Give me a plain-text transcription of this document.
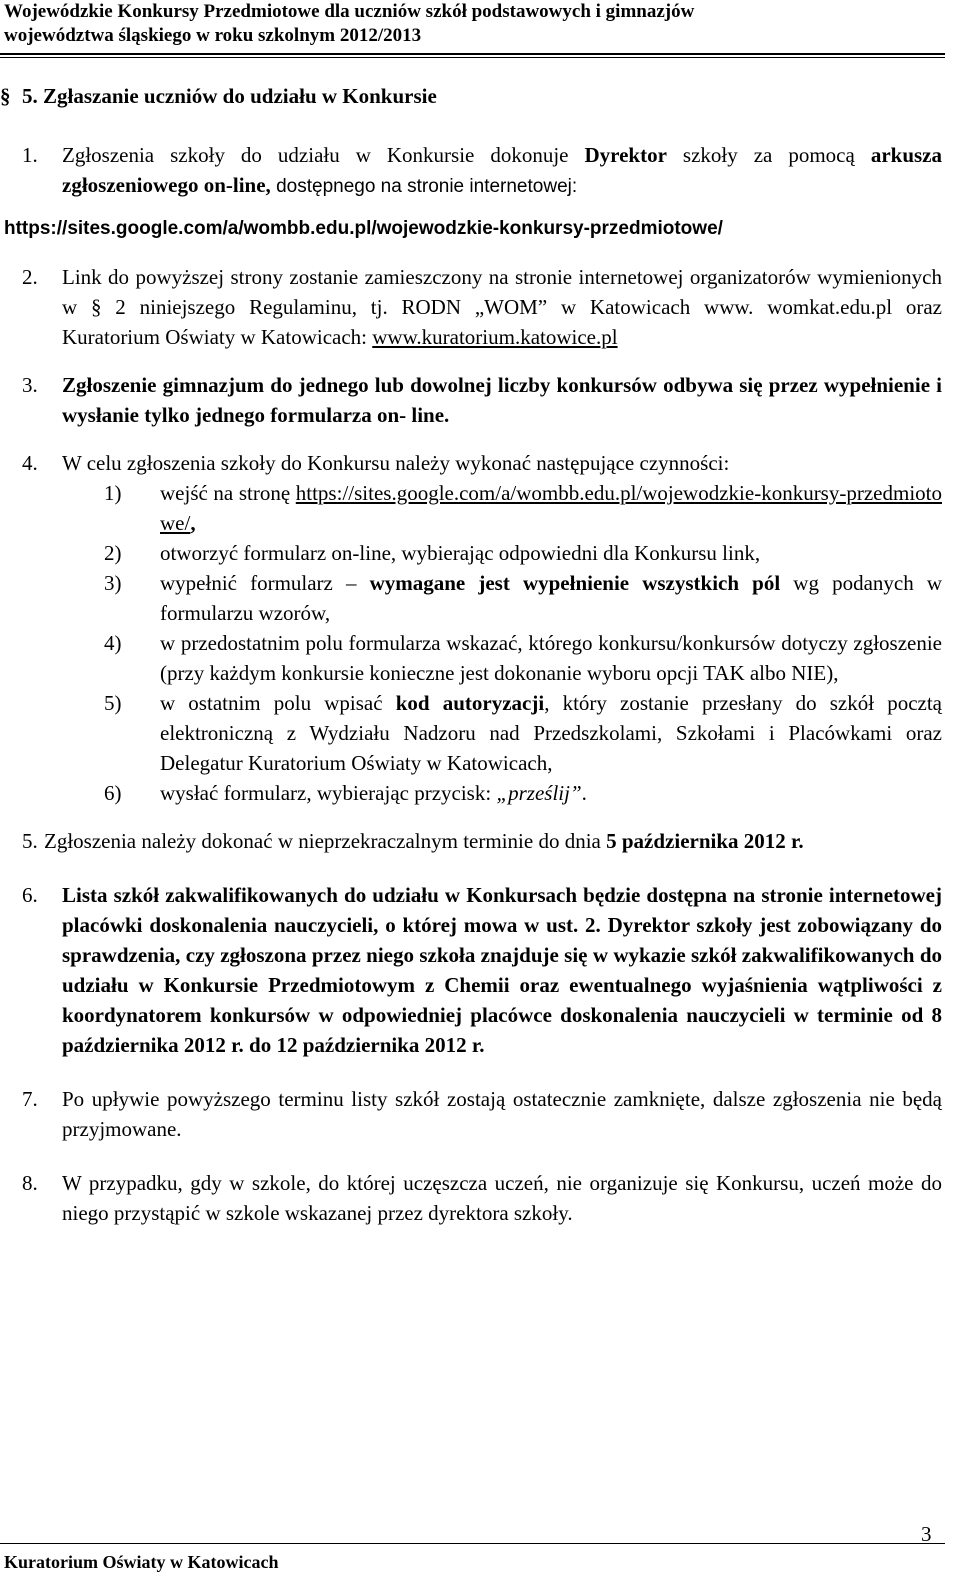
Wojewódzkie Konkursy Przedmiotowe dla uczniów szkół podstawowych i gimnazjów
województwa śląskiego w roku szkolnym 2012/2013
§ 5. Zgłaszanie uczniów do udziału w Konkursie
1. Zgłoszenia szkoły do udziału w Konkursie dokonuje Dyrektor szkoły za pomocą arkusza zgłoszeniowego on-line, dostępnego na stronie internetowej:
https://sites.google.com/a/wombb.edu.pl/wojewodzkie-konkursy-przedmiotowe/
2. Link do powyższej strony zostanie zamieszczony na stronie internetowej organizatorów wymienionych w § 2 niniejszego Regulaminu, tj. RODN „WOM” w Katowicach www. womkat.edu.pl oraz Kuratorium Oświaty w Katowicach: www.kuratorium.katowice.pl
3. Zgłoszenie gimnazjum do jednego lub dowolnej liczby konkursów odbywa się przez wypełnienie i wysłanie tylko jednego formularza on- line.
4. W celu zgłoszenia szkoły do Konkursu należy wykonać następujące czynności:
1) wejść na stronę https://sites.google.com/a/wombb.edu.pl/wojewodzkie-konkursy-przedmiotowe/,
2) otworzyć formularz on-line, wybierając odpowiedni dla Konkursu link,
3) wypełnić formularz – wymagane jest wypełnienie wszystkich pól wg podanych w formularzu wzorów,
4) w przedostatnim polu formularza wskazać, którego konkursu/konkursów dotyczy zgłoszenie (przy każdym konkursie konieczne jest dokonanie wyboru opcji TAK albo NIE),
5) w ostatnim polu wpisać kod autoryzacji, który zostanie przesłany do szkół pocztą elektroniczną z Wydziału Nadzoru nad Przedszkolami, Szkołami i Placówkami oraz Delegatur Kuratorium Oświaty w Katowicach,
6) wysłać formularz, wybierając przycisk: „prześlij”.
5. Zgłoszenia należy dokonać w nieprzekraczalnym terminie do dnia 5 października 2012 r.
6. Lista szkół zakwalifikowanych do udziału w Konkursach będzie dostępna na stronie internetowej placówki doskonalenia nauczycieli, o której mowa w ust. 2. Dyrektor szkoły jest zobowiązany do sprawdzenia, czy zgłoszona przez niego szkoła znajduje się w wykazie szkół zakwalifikowanych do udziału w Konkursie Przedmiotowym z Chemii oraz ewentualnego wyjaśnienia wątpliwości z koordynatorem konkursów w odpowiedniej placówce doskonalenia nauczycieli w terminie od 8 października 2012 r. do 12 października 2012 r.
7. Po upływie powyższego terminu listy szkół zostają ostatecznie zamknięte, dalsze zgłoszenia nie będą przyjmowane.
8. W przypadku, gdy w szkole, do której uczęszcza uczeń, nie organizuje się Konkursu, uczeń może do niego przystąpić w szkole wskazanej przez dyrektora szkoły.
3
Kuratorium Oświaty w Katowicach
